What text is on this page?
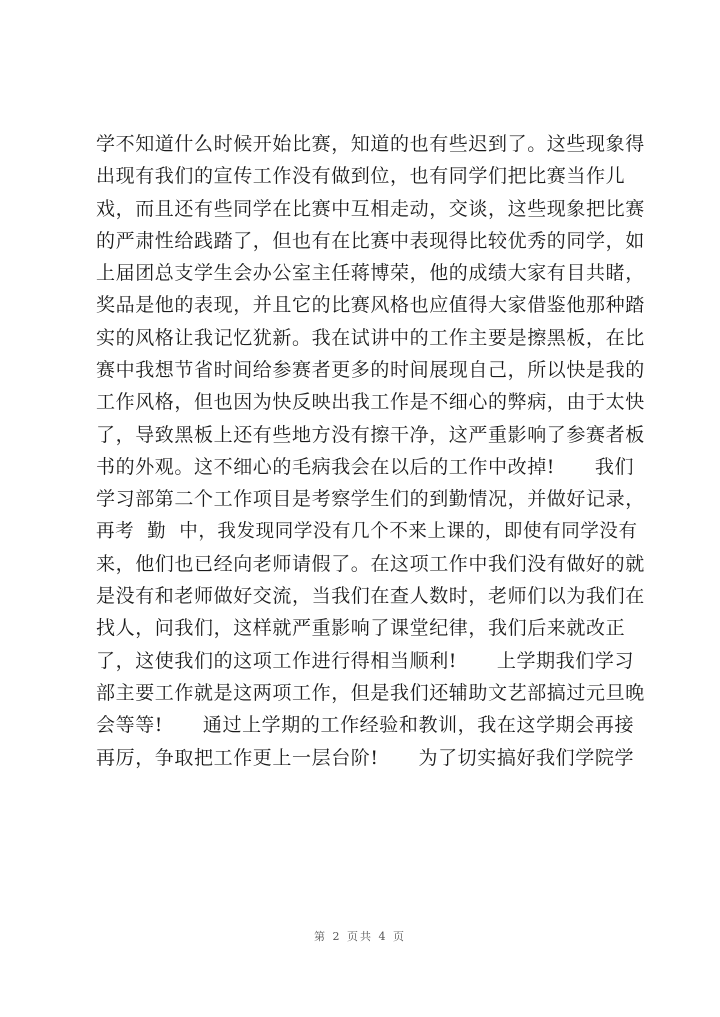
学不知道什么时候开始比赛，知道的也有些迟到了。这些现象得
出现有我们的宣传工作没有做到位，也有同学们把比赛当作儿
戏，而且还有些同学在比赛中互相走动，交谈，这些现象把比赛
的严肃性给践踏了，但也有在比赛中表现得比较优秀的同学，如
上届团总支学生会办公室主任蒋博荣，他的成绩大家有目共睹，
奖品是他的表现，并且它的比赛风格也应值得大家借鉴他那种踏
实的风格让我记忆犹新。我在试讲中的工作主要是擦黑板，在比
赛中我想节省时间给参赛者更多的时间展现自己，所以快是我的
工作风格，但也因为快反映出我工作是不细心的弊病，由于太快
了，导致黑板上还有些地方没有擦干净，这严重影响了参赛者板
书的外观。这不细心的毛病我会在以后的工作中改掉!      我们
学习部第二个工作项目是考察学生们的到勤情况，并做好记录，
再考  勤  中，我发现同学没有几个不来上课的，即使有同学没有
来，他们也已经向老师请假了。在这项工作中我们没有做好的就
是没有和老师做好交流，当我们在查人数时，老师们以为我们在
找人，问我们，这样就严重影响了课堂纪律，我们后来就改正
了，这使我们的这项工作进行得相当顺利!      上学期我们学习
部主要工作就是这两项工作，但是我们还辅助文艺部搞过元旦晚
会等等!      通过上学期的工作经验和教训，我在这学期会再接
再厉，争取把工作更上一层台阶!      为了切实搞好我们学院学
第 2 页共 4 页
